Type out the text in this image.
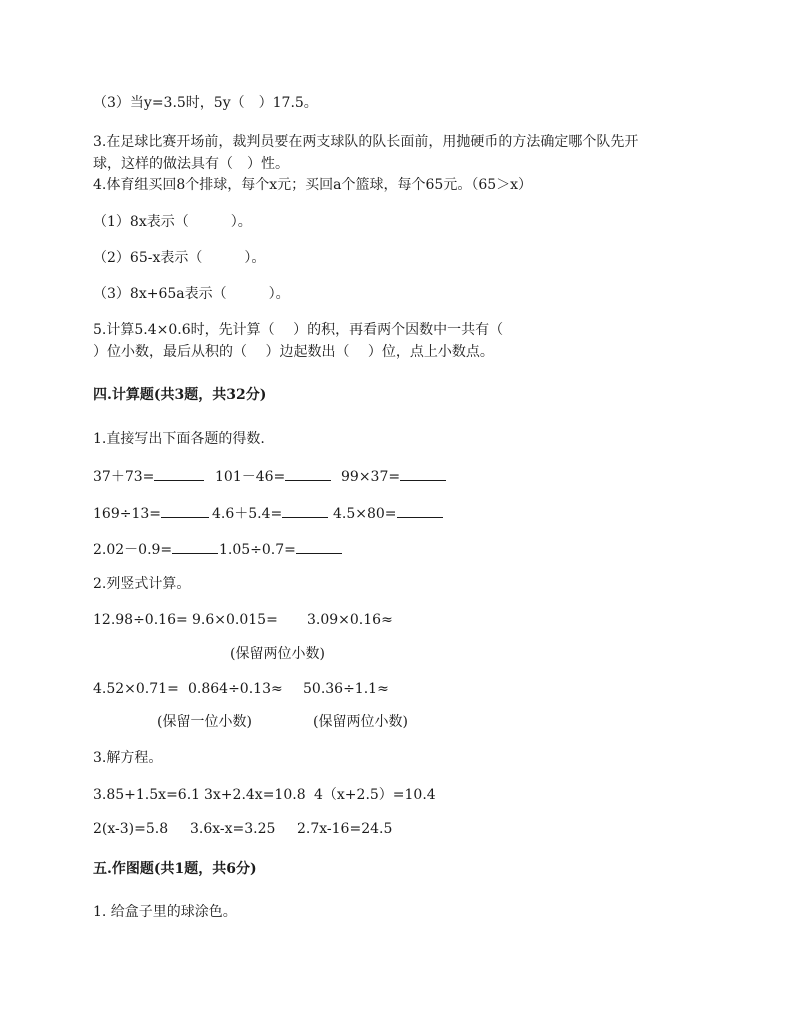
（3）当y=3.5时，5y（　）17.5。
3.在足球比赛开场前，裁判员要在两支球队的队长面前，用抛硬币的方法确定哪个队先开
球，这样的做法具有（　）性。
4.体育组买回8个排球，每个x元；买回a个篮球，每个65元。（65＞x）
（1）8x表示（　　　）。
（2）65-x表示（　　　）。
（3）8x+65a表示（　　　）。
5.计算5.4×0.6时，先计算（　 ）的积，再看两个因数中一共有（
）位小数，最后从积的（　 ）边起数出（　 ）位，点上小数点。
四.计算题(共3题，共32分)
1.直接写出下面各题的得数.
37＋73=	101－46=	99×37=
169÷13=	4.6＋5.4=	4.5×80=
2.02－0.9=	1.05÷0.7=
2.列竖式计算。
12.98÷0.16= 9.6×0.015= 3.09×0.16≈
(保留两位小数)
4.52×0.71= 0.864÷0.13≈ 50.36÷1.1≈
(保留一位小数)	(保留两位小数)
3.解方程。
3.85+1.5x=6.1 3x+2.4x=10.8 4（x+2.5）=10.4
2(x-3)=5.8 3.6x-x=3.25 2.7x-16=24.5
五.作图题(共1题，共6分)
1. 给盒子里的球涂色。
